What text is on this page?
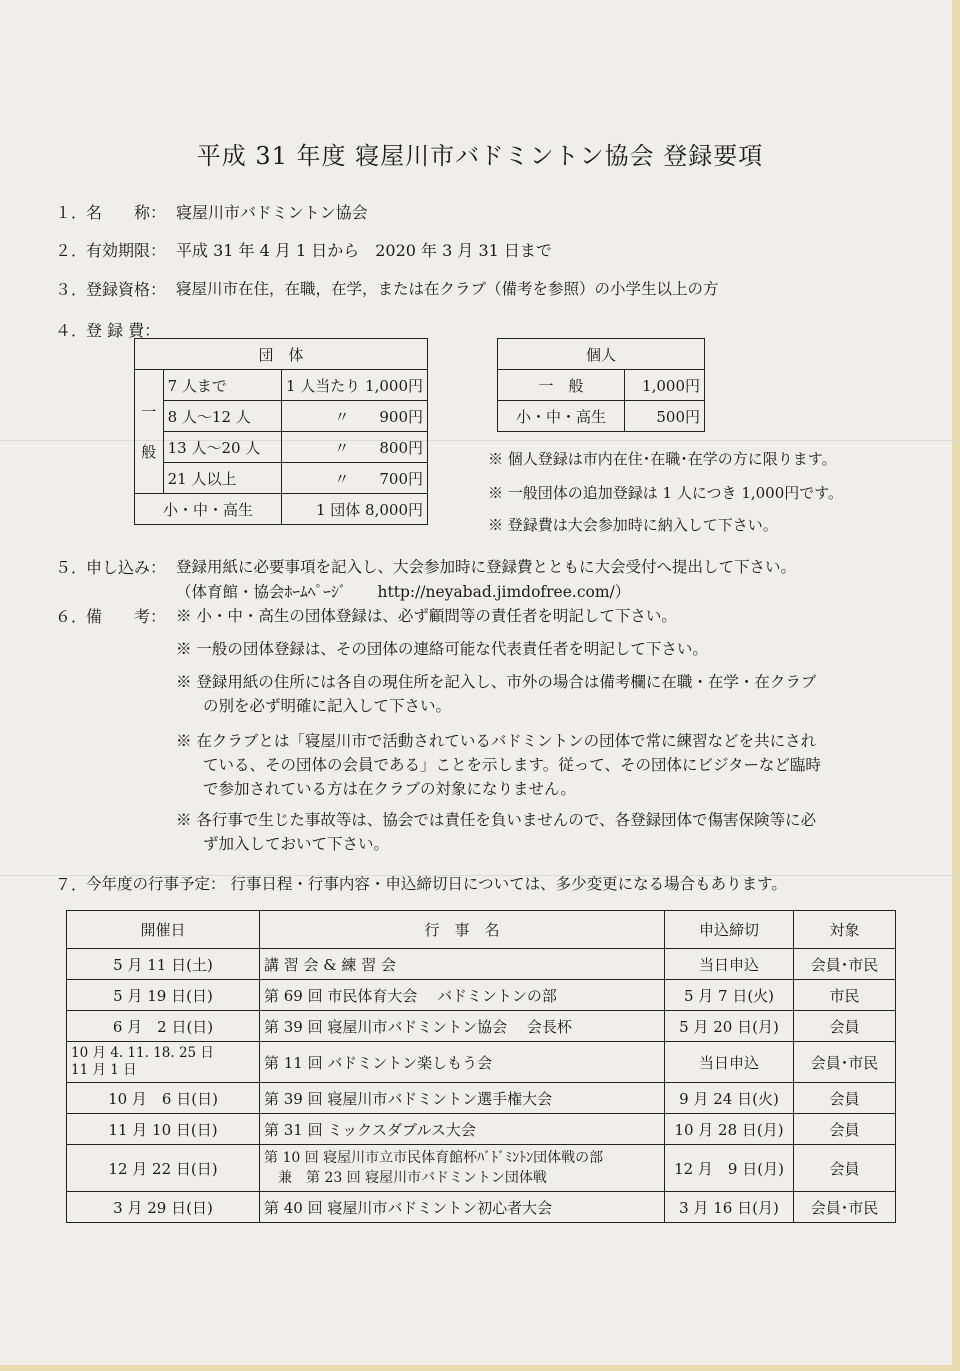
平成 31 年度 寝屋川市バドミントン協会 登録要項
１．
名　　称： 寝屋川市バドミントン協会
２．
有効期限： 平成 31 年 4 月 1 日から　2020 年 3 月 31 日まで
３．
登録資格： 寝屋川市在住，在職，在学，または在クラブ（備考を参照）の小学生以上の方
４．
登 録 費：
団　体		
一

般	7 人まで	1 人当たり 1,000円
	8 人〜12 人	〃　　900円
	13 人〜20 人	〃　　800円
	21 人以上	〃　　700円
小・中・高生		1 団体 8,000円
個人	
一　般	1,000円
小・中・高生	500円
※ 個人登録は市内在住･在職･在学の方に限ります。
※ 一般団体の追加登録は 1 人につき 1,000円です。
※ 登録費は大会参加時に納入して下さい。
５．
申し込み： 登録用紙に必要事項を記入し、大会参加時に登録費とともに大会受付へ提出して下さい。
（体育館・協会ﾎｰﾑﾍﾟｰｼﾞ　　http://neyabad.jimdofree.com/）
６．
備　　考： ※ 小・中・高生の団体登録は、必ず顧問等の責任者を明記して下さい。
※ 一般の団体登録は、その団体の連絡可能な代表責任者を明記して下さい。
※ 登録用紙の住所には各自の現住所を記入し、市外の場合は備考欄に在職・在学・在クラブ
の別を必ず明確に記入して下さい。
※ 在クラブとは「寝屋川市で活動されているバドミントンの団体で常に練習などを共にされ
ている、その団体の会員である」ことを示します。従って、その団体にビジターなど臨時
で参加されている方は在クラブの対象になりません。
※ 各行事で生じた事故等は、協会では責任を負いませんので、各登録団体で傷害保険等に必
ず加入しておいて下さい。
７．
今年度の行事予定： 行事日程・行事内容・申込締切日については、多少変更になる場合もあります。
開催日	行　事　名	申込締切	対象
5 月 11 日(土)	講 習 会 & 練 習 会	当日申込	会員･市民
5 月 19 日(日)	第 69 回 市民体育大会　 バドミントンの部	5 月 7 日(火)	市民
6 月　2 日(日)	第 39 回 寝屋川市バドミントン協会　 会長杯	5 月 20 日(月)	会員
10 月 4. 11. 18. 25 日
11 月 1 日	第 11 回 バドミントン楽しもう会	当日申込	会員･市民
10 月　6 日(日)	第 39 回 寝屋川市バドミントン選手権大会	9 月 24 日(火)	会員
11 月 10 日(日)	第 31 回 ミックスダブルス大会	10 月 28 日(月)	会員
12 月 22 日(日)	第 10 回 寝屋川市立市民体育館杯ﾊﾞﾄﾞﾐﾝﾄﾝ団体戦の部
　兼　第 23 回 寝屋川市バドミントン団体戦	12 月　9 日(月)	会員
3 月 29 日(日)	第 40 回 寝屋川市バドミントン初心者大会	3 月 16 日(月)	会員･市民
